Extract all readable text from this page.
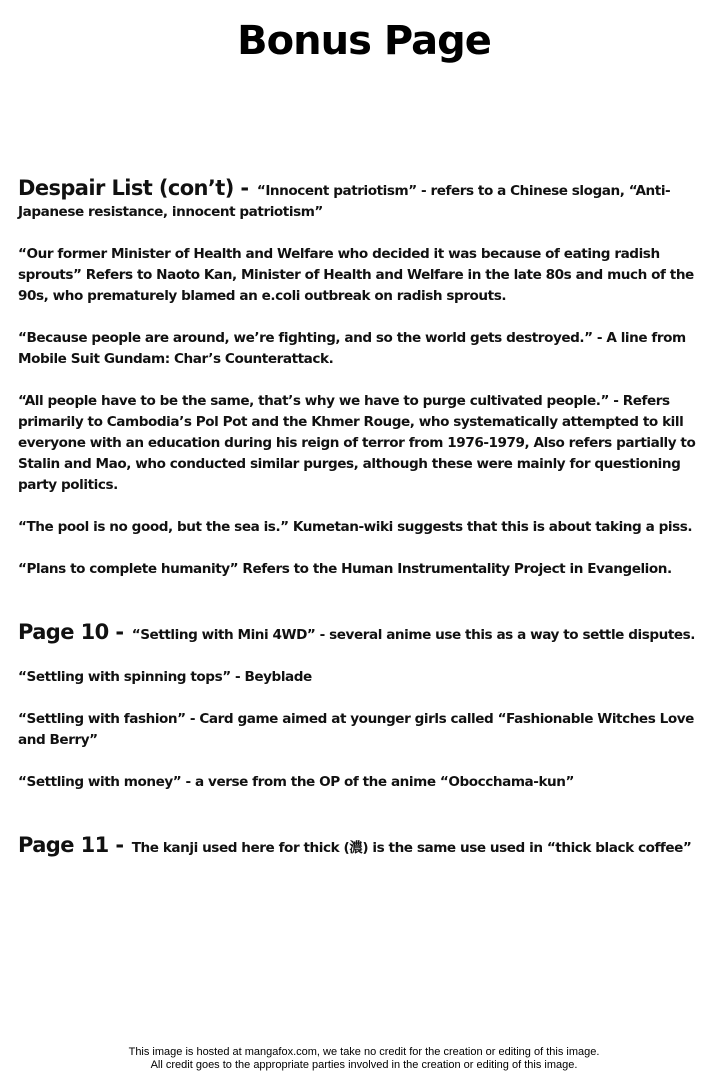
Bonus Page

Despair List (con’t) - “Innocent patriotism” - refers to a Chinese slogan, “Anti-Japanese resistance, innocent patriotism”

“Our former Minister of Health and Welfare who decided it was because of eating radish sprouts” Refers to Naoto Kan, Minister of Health and Welfare in the late 80s and much of the 90s, who prematurely blamed an e.coli outbreak on radish sprouts.

“Because people are around, we’re fighting, and so the world gets destroyed.” - A line from Mobile Suit Gundam: Char’s Counterattack.

“All people have to be the same, that’s why we have to purge cultivated people.” - Refers primarily to Cambodia’s Pol Pot and the Khmer Rouge, who systematically attempted to kill everyone with an education during his reign of terror from 1976-1979, Also refers partially to Stalin and Mao, who conducted similar purges, although these were mainly for questioning party politics.

“The pool is no good, but the sea is.” Kumetan-wiki suggests that this is about taking a piss.

“Plans to complete humanity” Refers to the Human Instrumentality Project in Evangelion.

Page 10 - “Settling with Mini 4WD” - several anime use this as a way to settle disputes.

“Settling with spinning tops” - Beyblade

“Settling with fashion” - Card game aimed at younger girls called “Fashionable Witches Love and Berry”

“Settling with money” - a verse from the OP of the anime “Obocchama-kun”

Page 11 - The kanji used here for thick (濃) is the same use used in “thick black coffee”

This image is hosted at mangafox.com, we take no credit for the creation or editing of this image.
All credit goes to the appropriate parties involved in the creation or editing of this image.
